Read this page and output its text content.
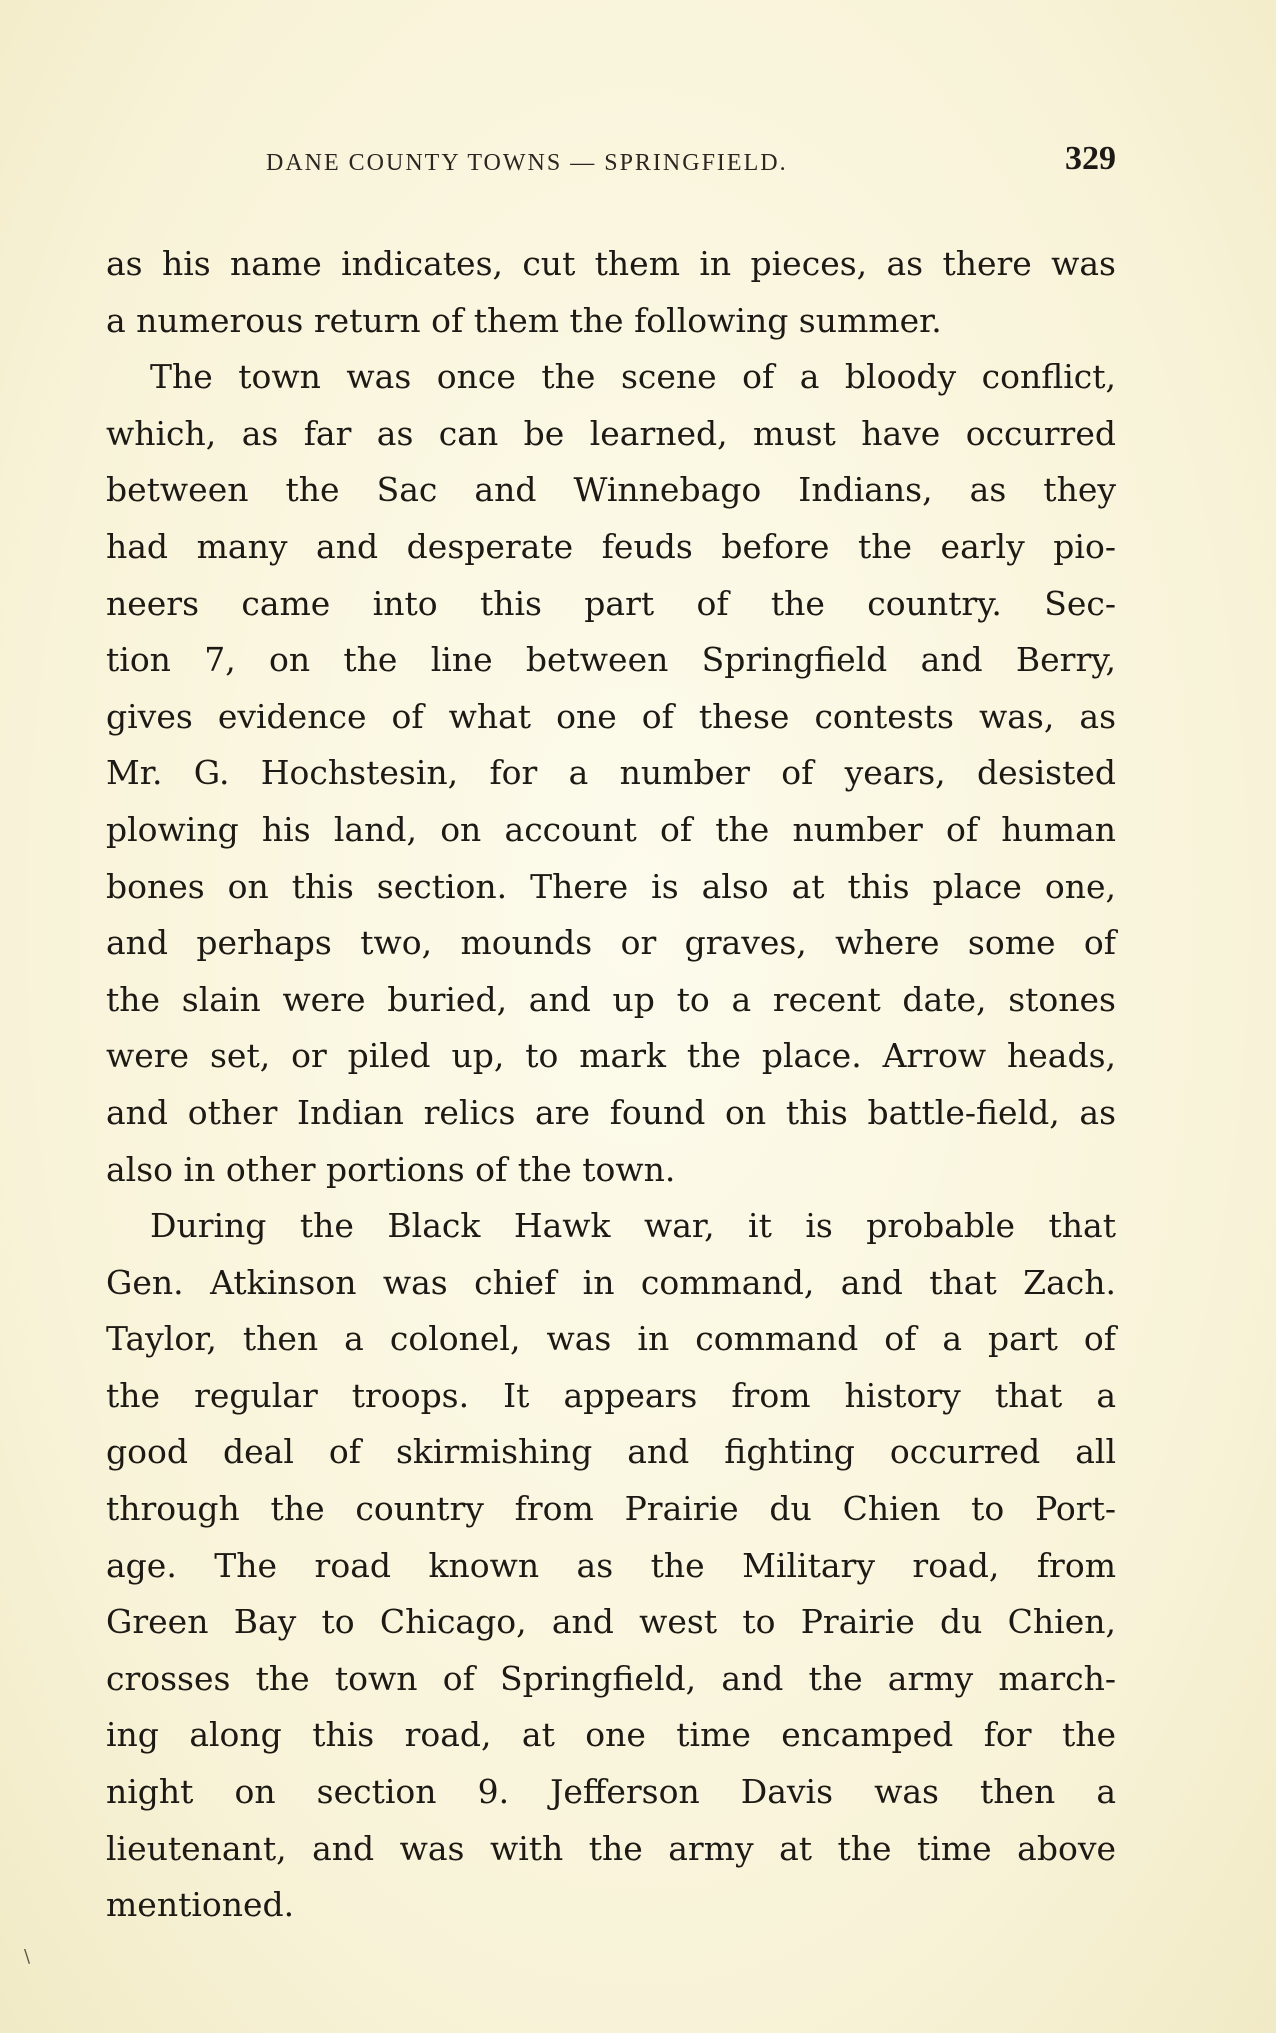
DANE COUNTY TOWNS — SPRINGFIELD.	329
as his name indicates, cut them in pieces, as there was
a numerous return of them the following summer.
The town was once the scene of a bloody conflict,
which, as far as can be learned, must have occurred
between the Sac and Winnebago Indians, as they
had many and desperate feuds before the early pio-
neers came into this part of the country. Sec-
tion 7, on the line between Springfield and Berry,
gives evidence of what one of these contests was, as
Mr. G. Hochstesin, for a number of years, desisted
plowing his land, on account of the number of human
bones on this section. There is also at this place one,
and perhaps two, mounds or graves, where some of
the slain were buried, and up to a recent date, stones
were set, or piled up, to mark the place. Arrow heads,
and other Indian relics are found on this battle-field, as
also in other portions of the town.
During the Black Hawk war, it is probable that
Gen. Atkinson was chief in command, and that Zach.
Taylor, then a colonel, was in command of a part of
the regular troops. It appears from history that a
good deal of skirmishing and fighting occurred all
through the country from Prairie du Chien to Port-
age. The road known as the Military road, from
Green Bay to Chicago, and west to Prairie du Chien,
crosses the town of Springfield, and the army march-
ing along this road, at one time encamped for the
night on section 9. Jefferson Davis was then a
lieutenant, and was with the army at the time above
mentioned.
\
